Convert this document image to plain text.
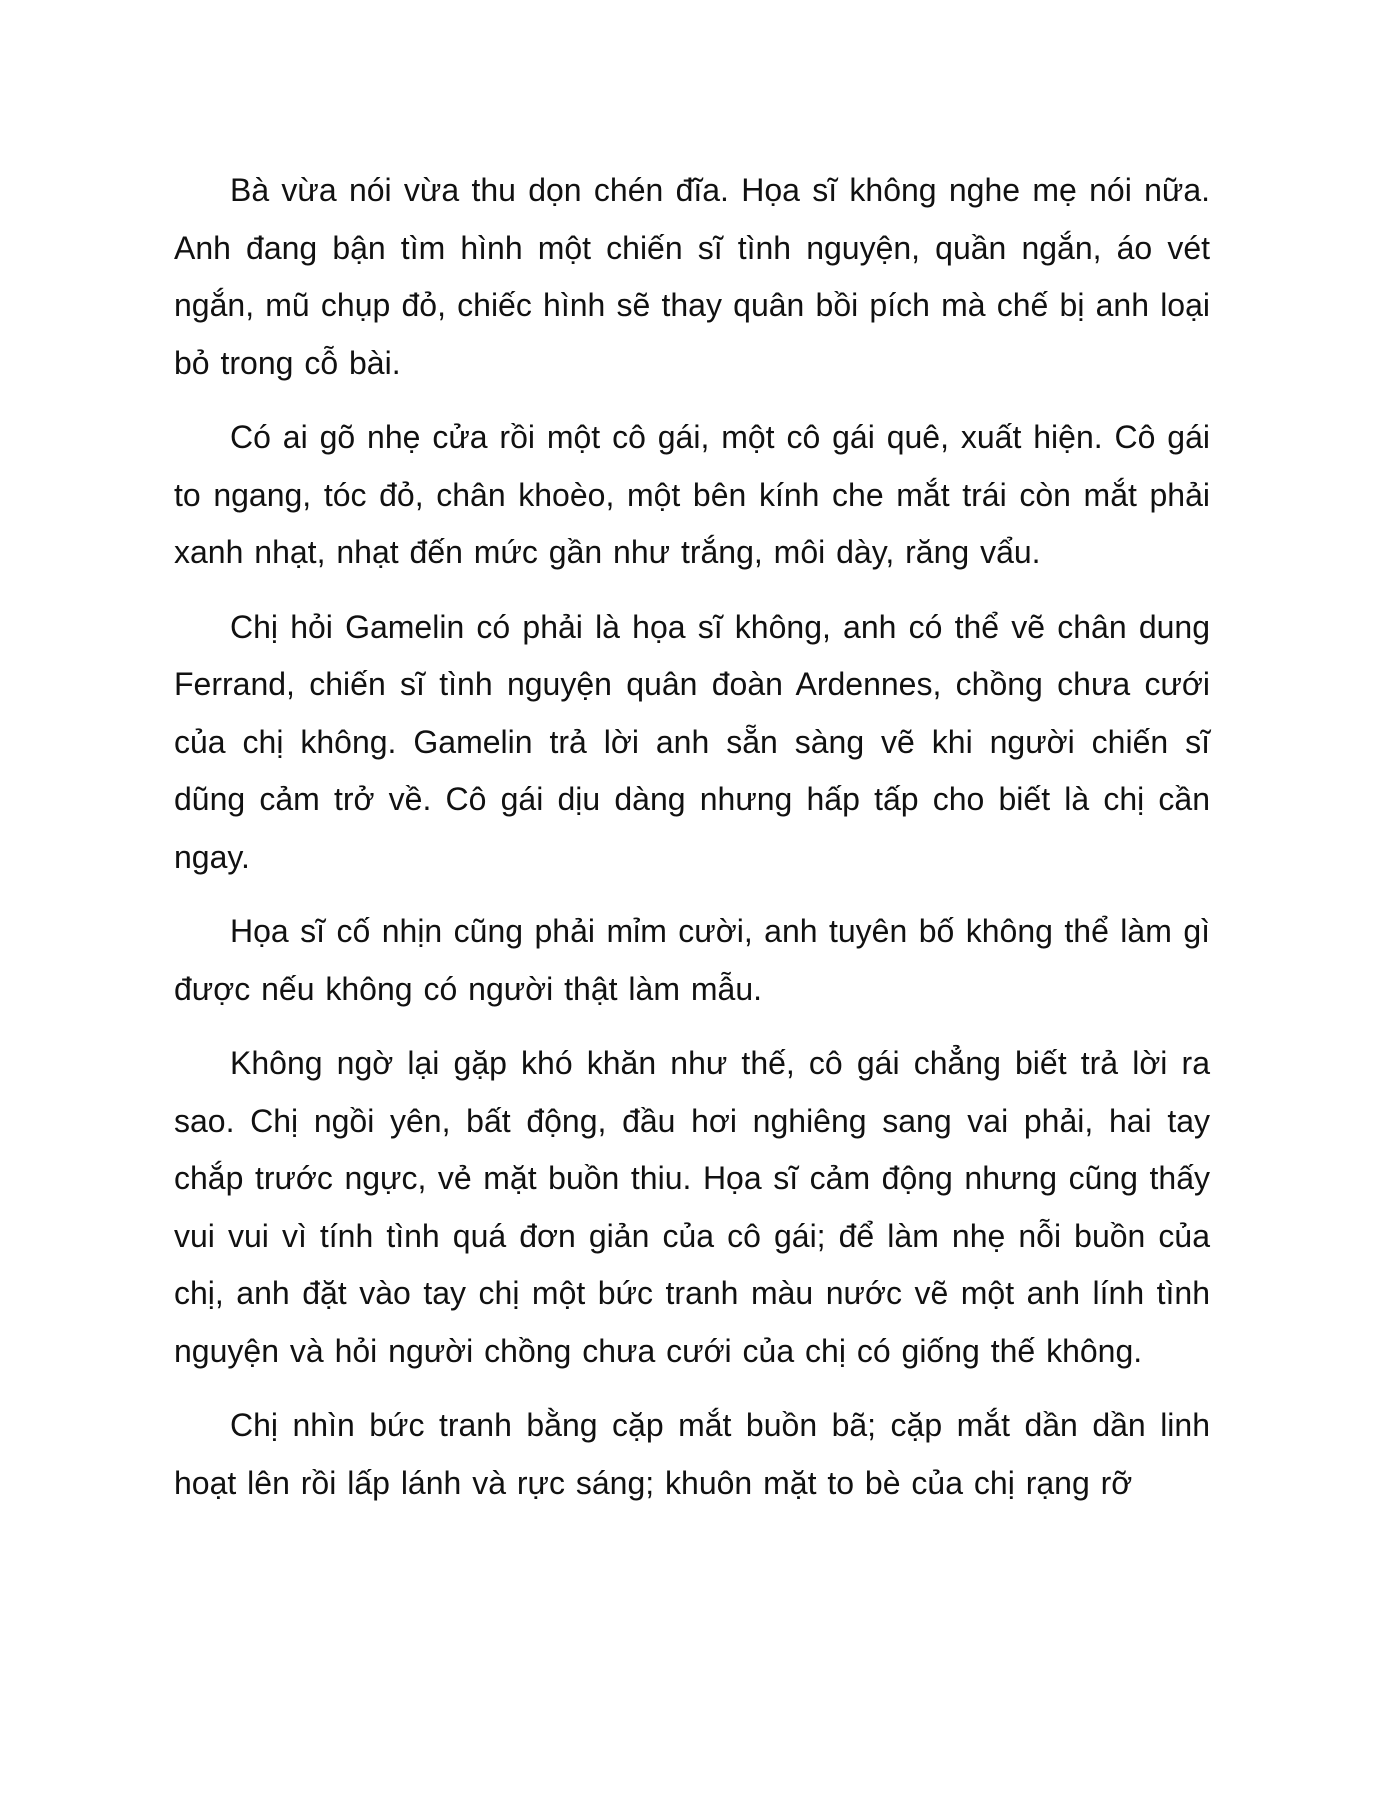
Bà vừa nói vừa thu dọn chén đĩa. Họa sĩ không nghe mẹ nói nữa. Anh đang bận tìm hình một chiến sĩ tình nguyện, quần ngắn, áo vét ngắn, mũ chụp đỏ, chiếc hình sẽ thay quân bồi pích mà chế bị anh loại bỏ trong cỗ bài.

Có ai gõ nhẹ cửa rồi một cô gái, một cô gái quê, xuất hiện. Cô gái to ngang, tóc đỏ, chân khoèo, một bên kính che mắt trái còn mắt phải xanh nhạt, nhạt đến mức gần như trắng, môi dày, răng vẩu.

Chị hỏi Gamelin có phải là họa sĩ không, anh có thể vẽ chân dung Ferrand, chiến sĩ tình nguyện quân đoàn Ardennes, chồng chưa cưới của chị không. Gamelin trả lời anh sẵn sàng vẽ khi người chiến sĩ dũng cảm trở về. Cô gái dịu dàng nhưng hấp tấp cho biết là chị cần ngay.

Họa sĩ cố nhịn cũng phải mỉm cười, anh tuyên bố không thể làm gì được nếu không có người thật làm mẫu.

Không ngờ lại gặp khó khăn như thế, cô gái chẳng biết trả lời ra sao. Chị ngồi yên, bất động, đầu hơi nghiêng sang vai phải, hai tay chắp trước ngực, vẻ mặt buồn thiu. Họa sĩ cảm động nhưng cũng thấy vui vui vì tính tình quá đơn giản của cô gái; để làm nhẹ nỗi buồn của chị, anh đặt vào tay chị một bức tranh màu nước vẽ một anh lính tình nguyện và hỏi người chồng chưa cưới của chị có giống thế không.

Chị nhìn bức tranh bằng cặp mắt buồn bã; cặp mắt dần dần linh hoạt lên rồi lấp lánh và rực sáng; khuôn mặt to bè của chị rạng rỡ
